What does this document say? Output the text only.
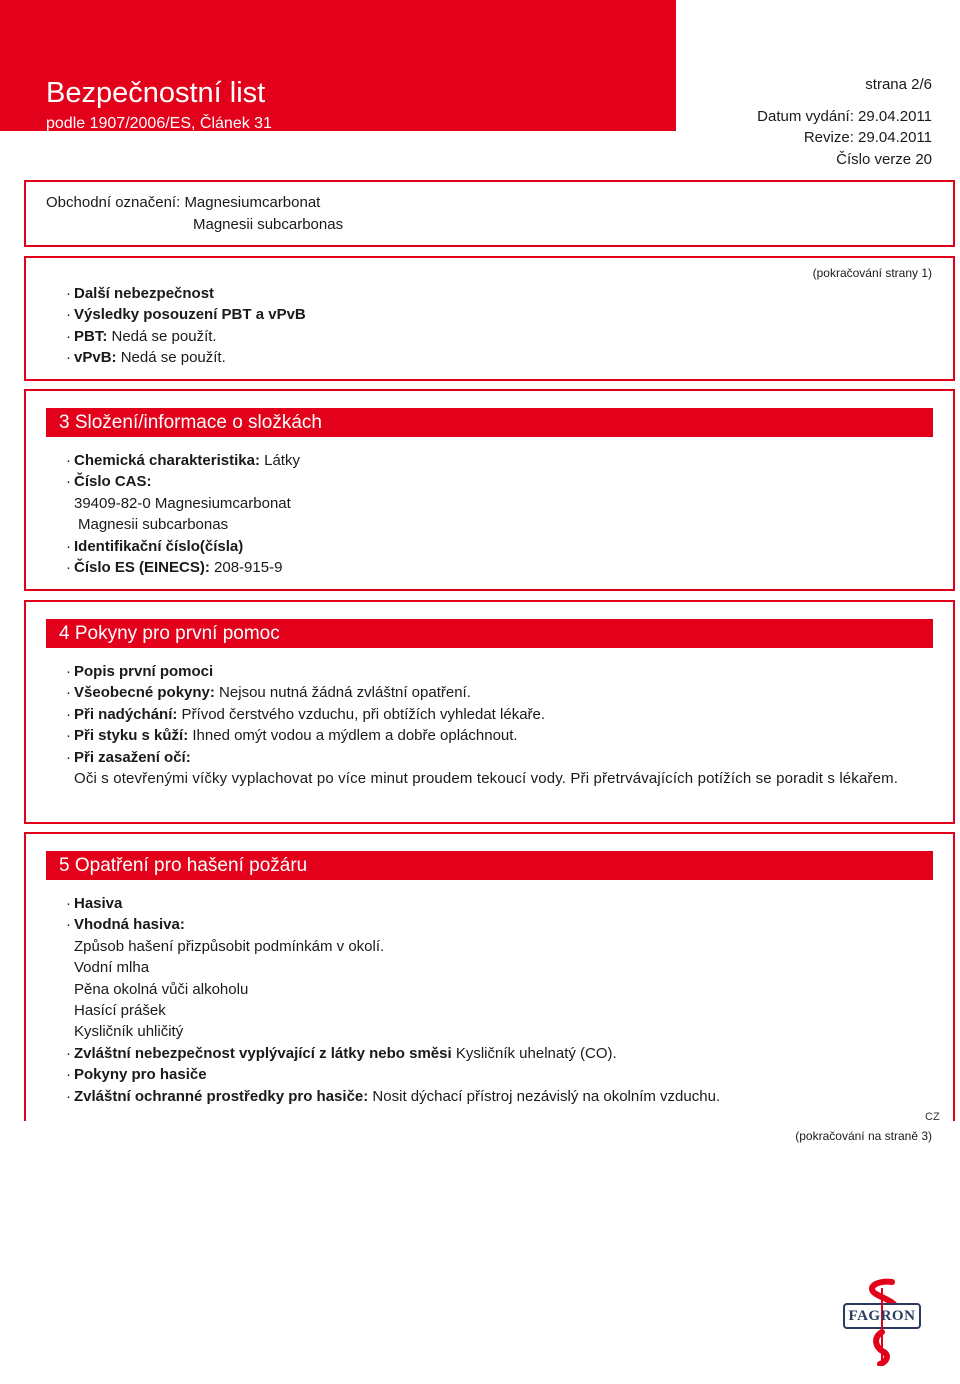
Bezpečnostní list
podle 1907/2006/ES, Článek 31
strana 2/6
Datum vydání: 29.04.2011
Revize: 29.04.2011
Číslo verze 20
Obchodní označení: Magnesiumcarbonat
Magnesii subcarbonas
(pokračování strany 1)
· Další nebezpečnost
· Výsledky posouzení PBT a vPvB
· PBT: Nedá se použít.
· vPvB: Nedá se použít.
3 Složení/informace o složkách
· Chemická charakteristika: Látky
· Číslo CAS:
39409-82-0 Magnesiumcarbonat
Magnesii subcarbonas
· Identifikační číslo(čísla)
· Číslo ES (EINECS): 208-915-9
4 Pokyny pro první pomoc
· Popis první pomoci
· Všeobecné pokyny: Nejsou nutná žádná zvláštní opatření.
· Při nadýchání: Přívod čerstvého vzduchu, při obtížích vyhledat lékaře.
· Při styku s kůží: Ihned omýt vodou a mýdlem a dobře opláchnout.
· Při zasažení očí:
Oči s otevřenými víčky vyplachovat po více minut proudem tekoucí vody. Při přetrvávajících potížích se poradit s lékařem.
5 Opatření pro hašení požáru
· Hasiva
· Vhodná hasiva:
Způsob hašení přizpůsobit podmínkám v okolí.
Vodní mlha
Pěna okolná vůči alkoholu
Hasící prášek
Kysličník uhličitý
· Zvláštní nebezpečnost vyplývající z látky nebo směsi Kysličník uhelnatý (CO).
· Pokyny pro hasiče
· Zvláštní ochranné prostředky pro hasiče: Nosit dýchací přístroj nezávislý na okolním vzduchu.
CZ
(pokračování na straně 3)
FAGRON
